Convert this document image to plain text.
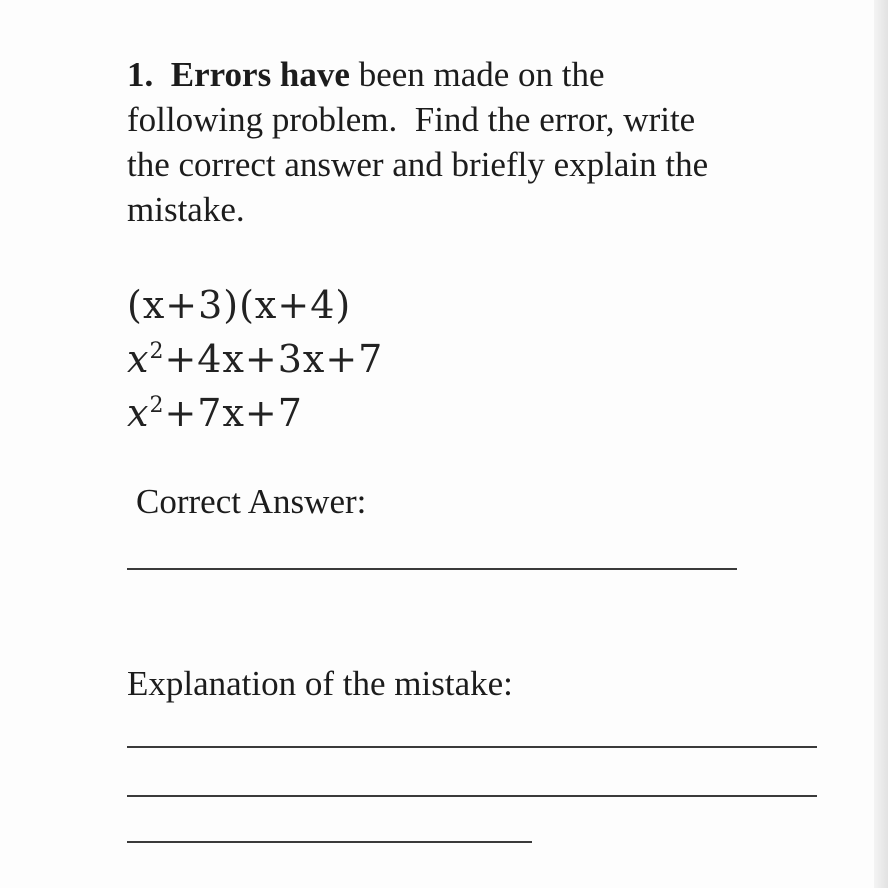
1. Errors have been made on the
following problem.  Find the error, write
the correct answer and briefly explain the
mistake.
(x+3)(x+4)
$x^2+4x+3x+7$
$x^2+7x+7$
Correct Answer:
Explanation of the mistake:
